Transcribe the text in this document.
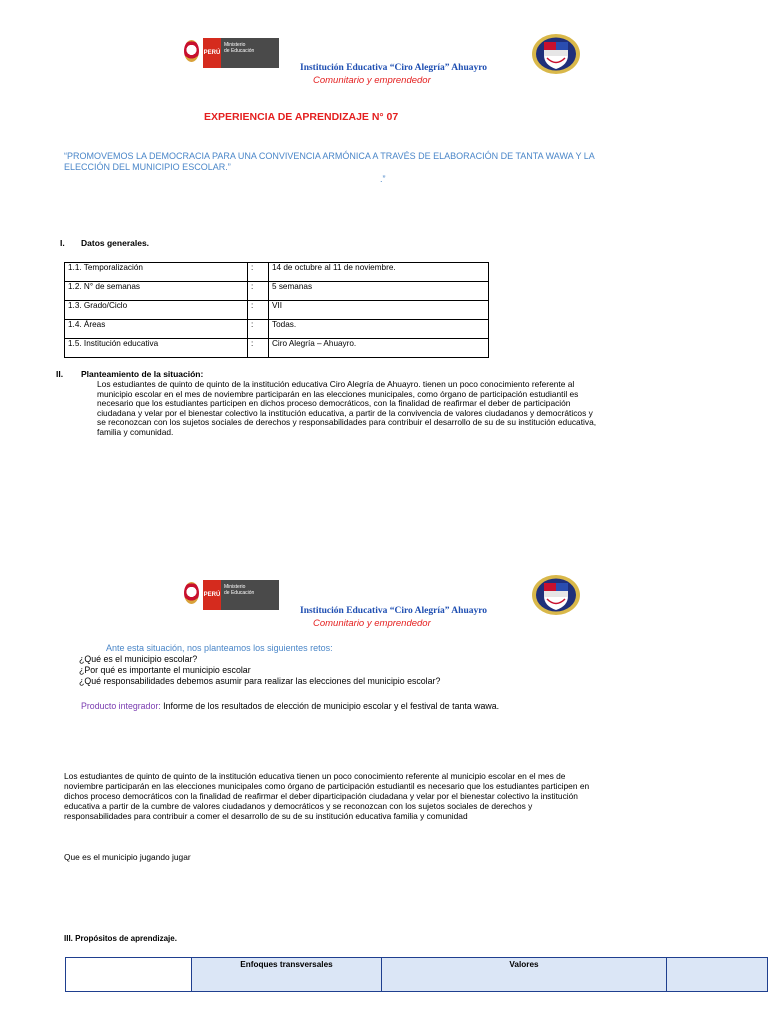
PERÚ
Ministerio
de Educación
Institución Educativa “Ciro Alegría” Ahuayro
Comunitario y emprendedor
EXPERIENCIA DE APRENDIZAJE N° 07
“PROMOVEMOS LA DEMOCRACIA PARA UNA CONVIVENCIA ARMÓNICA A TRAVÉS DE ELABORACIÓN DE TANTA WAWA Y LA
ELECCIÓN DEL MUNICIPIO ESCOLAR.”
.”
I. Datos generales.
1.1. Temporalización	:	14 de octubre al 11 de noviembre.
1.2. N° de semanas	:	5 semanas
1.3. Grado/Ciclo	:	VII
1.4. Áreas	:	Todas.
1.5. Institución educativa	:	Ciro Alegría – Ahuayro.
II. Planteamiento de la situación:
Los estudiantes de quinto de quinto de la institución educativa Ciro Alegría de Ahuayro. tienen un poco conocimiento referente al
municipio escolar en el mes de noviembre participarán en las elecciones municipales, como órgano de participación estudiantil es
necesario que los estudiantes participen en dichos proceso democráticos, con la finalidad de reafirmar el deber de participación
ciudadana y velar por el bienestar colectivo la institución educativa, a partir de la convivencia de valores ciudadanos y democráticos y
se reconozcan con los sujetos sociales de derechos y responsabilidades para contribuir el desarrollo de su de su institución educativa,
familia y comunidad.
PERÚ
Ministerio
de Educación
Institución Educativa “Ciro Alegría” Ahuayro
Comunitario y emprendedor
Ante esta situación, nos planteamos los siguientes retos:
¿Qué es el municipio escolar?
¿Por qué es importante el municipio escolar
¿Qué responsabilidades debemos asumir para realizar las elecciones del municipio escolar?
Producto integrador: Informe de los resultados de elección de municipio escolar y el festival de tanta wawa.
Los estudiantes de quinto de quinto de la institución educativa tienen un poco conocimiento referente al municipio escolar en el mes de
noviembre participarán en las elecciones municipales como órgano de participación estudiantil es necesario que los estudiantes participen en
dichos proceso democráticos con la finalidad de reafirmar el deber diparticipación ciudadana y velar por el bienestar colectivo la institución
educativa a partir de la cumbre de valores ciudadanos y democráticos y se reconozcan con los sujetos sociales de derechos y
responsabilidades para contribuir a comer el desarrollo de su de su institución educativa familia y comunidad
Que es el municipio jugando jugar
III. Propósitos de aprendizaje.
	Enfoques transversales	Valores	
